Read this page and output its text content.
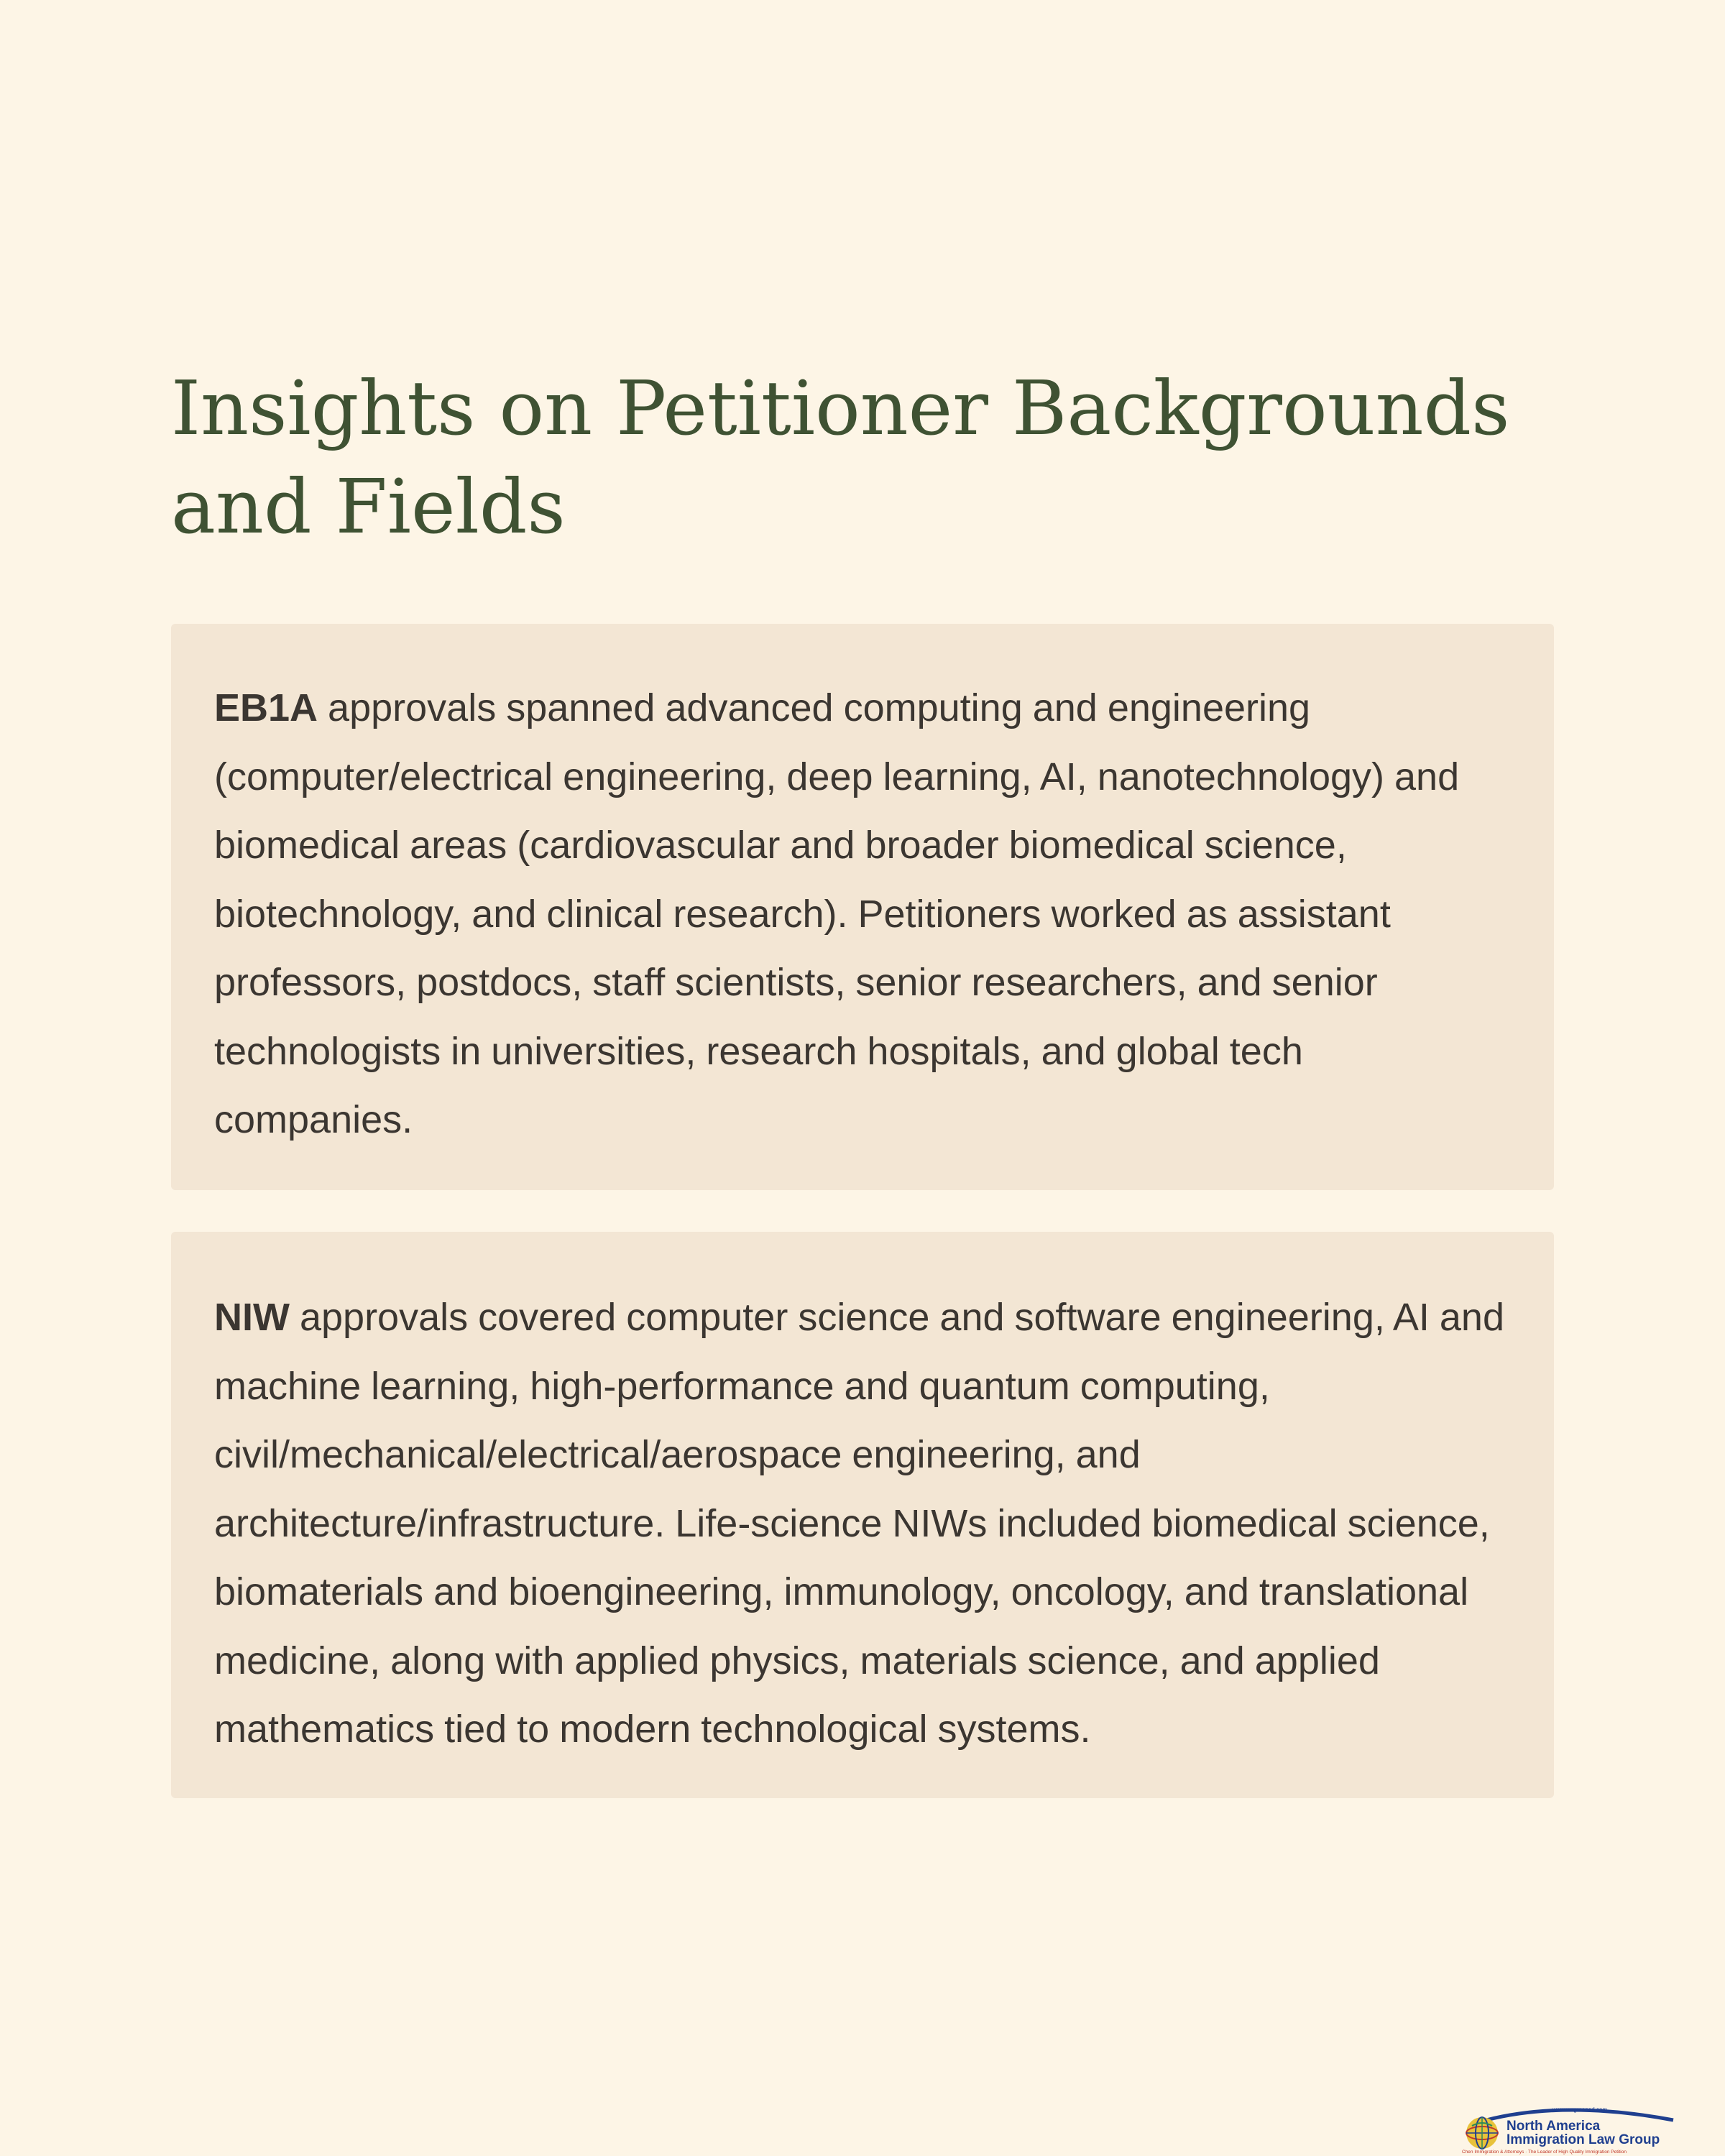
Insights on Petitioner Backgrounds and Fields

EB1A approvals spanned advanced computing and engineering (computer/electrical engineering, deep learning, AI, nanotechnology) and biomedical areas (cardiovascular and broader biomedical science, biotechnology, and clinical research). Petitioners worked as assistant professors, postdocs, staff scientists, senior researchers, and senior technologists in universities, research hospitals, and global tech companies.

NIW approvals covered computer science and software engineering, AI and machine learning, high-performance and quantum computing, civil/mechanical/electrical/aerospace engineering, and architecture/infrastructure. Life-science NIWs included biomedical science, biomaterials and bioengineering, immunology, oncology, and translational medicine, along with applied physics, materials science, and applied mathematics tied to modern technological systems.

www.wegreened.com
North America
Immigration Law Group
Chen Immigration & Attorneys · The Leader of High Quality Immigration Petition
